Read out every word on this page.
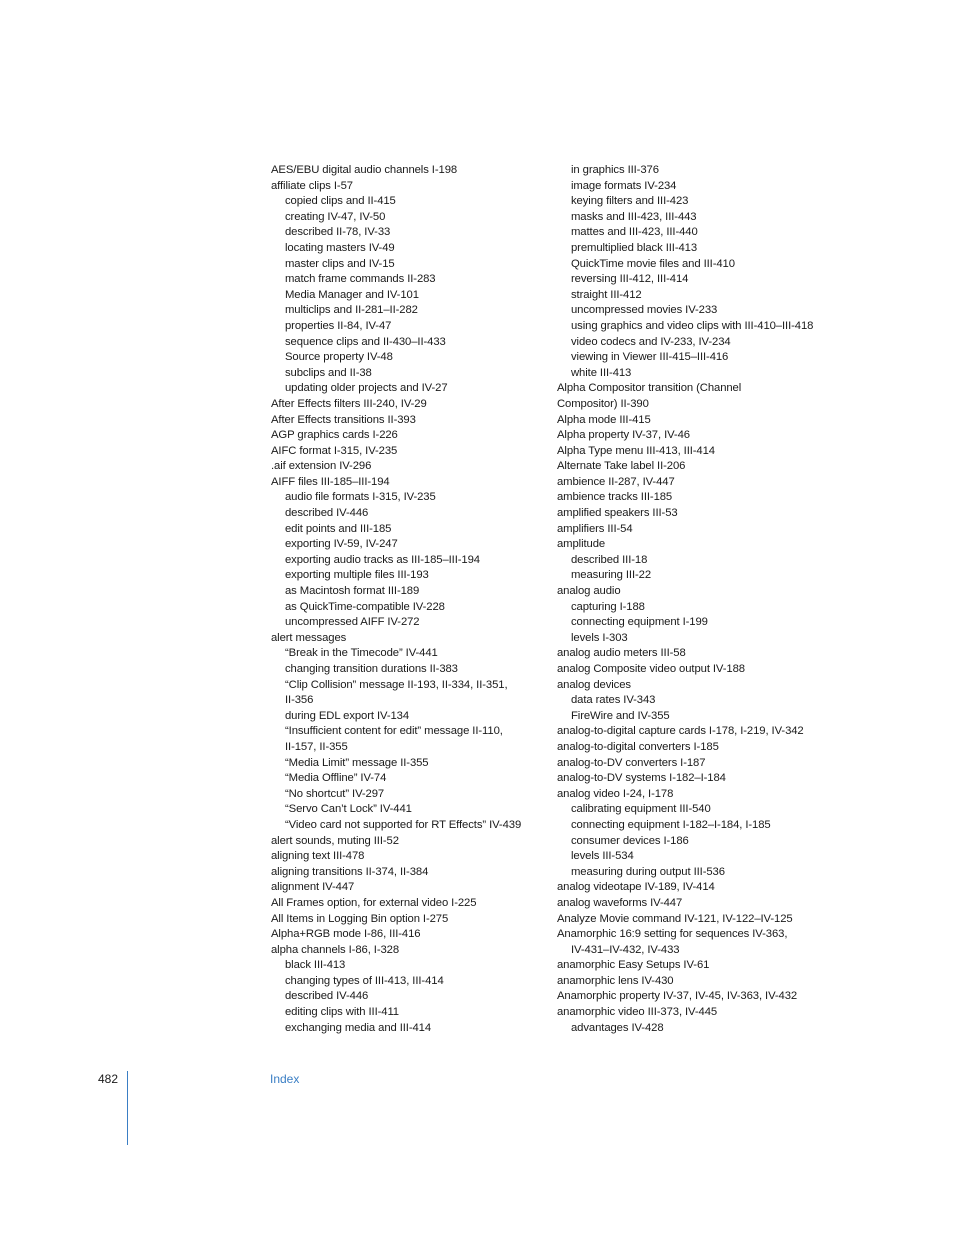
AES/EBU digital audio channels I-198
affiliate clips I-57
copied clips and II-415
creating IV-47, IV-50
described II-78, IV-33
locating masters IV-49
master clips and IV-15
match frame commands II-283
Media Manager and IV-101
multiclips and II-281–II-282
properties II-84, IV-47
sequence clips and II-430–II-433
Source property IV-48
subclips and II-38
updating older projects and IV-27
After Effects filters III-240, IV-29
After Effects transitions II-393
AGP graphics cards I-226
AIFC format I-315, IV-235
.aif extension IV-296
AIFF files III-185–III-194
audio file formats I-315, IV-235
described IV-446
edit points and III-185
exporting IV-59, IV-247
exporting audio tracks as III-185–III-194
exporting multiple files III-193
as Macintosh format III-189
as QuickTime-compatible IV-228
uncompressed AIFF IV-272
alert messages
“Break in the Timecode” IV-441
changing transition durations II-383
“Clip Collision” message II-193, II-334, II-351,
II-356
during EDL export IV-134
“Insufficient content for edit” message II-110,
II-157, II-355
“Media Limit” message II-355
“Media Offline” IV-74
“No shortcut” IV-297
“Servo Can’t Lock” IV-441
“Video card not supported for RT Effects” IV-439
alert sounds, muting III-52
aligning text III-478
aligning transitions II-374, II-384
alignment IV-447
All Frames option, for external video I-225
All Items in Logging Bin option I-275
Alpha+RGB mode I-86, III-416
alpha channels I-86, I-328
black III-413
changing types of III-413, III-414
described IV-446
editing clips with III-411
exchanging media and III-414
in graphics III-376
image formats IV-234
keying filters and III-423
masks and III-423, III-443
mattes and III-423, III-440
premultiplied black III-413
QuickTime movie files and III-410
reversing III-412, III-414
straight III-412
uncompressed movies IV-233
using graphics and video clips with III-410–III-418
video codecs and IV-233, IV-234
viewing in Viewer III-415–III-416
white III-413
Alpha Compositor transition (Channel
Compositor) II-390
Alpha mode III-415
Alpha property IV-37, IV-46
Alpha Type menu III-413, III-414
Alternate Take label II-206
ambience II-287, IV-447
ambience tracks III-185
amplified speakers III-53
amplifiers III-54
amplitude
described III-18
measuring III-22
analog audio
capturing I-188
connecting equipment I-199
levels I-303
analog audio meters III-58
analog Composite video output IV-188
analog devices
data rates IV-343
FireWire and IV-355
analog-to-digital capture cards I-178, I-219, IV-342
analog-to-digital converters I-185
analog-to-DV converters I-187
analog-to-DV systems I-182–I-184
analog video I-24, I-178
calibrating equipment III-540
connecting equipment I-182–I-184, I-185
consumer devices I-186
levels III-534
measuring during output III-536
analog videotape IV-189, IV-414
analog waveforms IV-447
Analyze Movie command IV-121, IV-122–IV-125
Anamorphic 16:9 setting for sequences IV-363,
IV-431–IV-432, IV-433
anamorphic Easy Setups IV-61
anamorphic lens IV-430
Anamorphic property IV-37, IV-45, IV-363, IV-432
anamorphic video III-373, IV-445
advantages IV-428
482	Index
